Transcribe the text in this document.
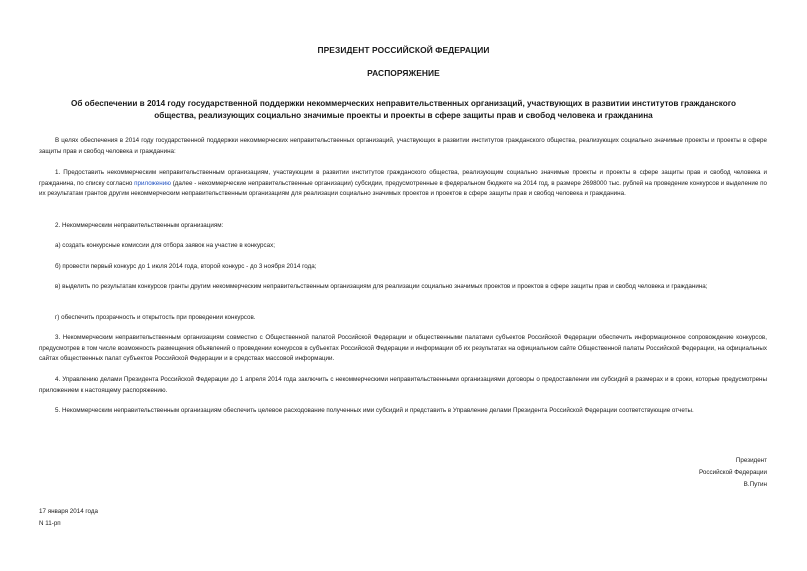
ПРЕЗИДЕНТ РОССИЙСКОЙ ФЕДЕРАЦИИ
РАСПОРЯЖЕНИЕ
Об обеспечении в 2014 году государственной поддержки некоммерческих неправительственных организаций, участвующих в развитии институтов гражданского
общества, реализующих социально значимые проекты и проекты в сфере защиты прав и свобод человека и гражданина
В целях обеспечения в 2014 году государственной поддержки некоммерческих неправительственных организаций, участвующих в развитии институтов гражданского общества, реализующих социально значимые проекты и проекты в сфере защиты прав и свобод человека и гражданина:
1. Предоставить некоммерческим неправительственным организациям, участвующим в развитии институтов гражданского общества, реализующим социально значимые проекты и проекты в сфере защиты прав и свобод человека и гражданина, по списку согласно приложению (далее - некоммерческие неправительственные организации) субсидии, предусмотренные в федеральном бюджете на 2014 год, в размере 2698000 тыс. рублей на проведение конкурсов и выделение по их результатам грантов другим некоммерческим неправительственным организациям для реализации социально значимых проектов и проектов в сфере защиты прав и свобод человека и гражданина.
2. Некоммерческим неправительственным организациям:
а) создать конкурсные комиссии для отбора заявок на участие в конкурсах;
б) провести первый конкурс до 1 июля 2014 года, второй конкурс - до 3 ноября 2014 года;
в) выделить по результатам конкурсов гранты другим некоммерческим неправительственным организациям для реализации социально значимых проектов и проектов в сфере защиты прав и свобод человека и гражданина;
г) обеспечить прозрачность и открытость при проведении конкурсов.
3. Некоммерческим неправительственным организациям совместно с Общественной палатой Российской Федерации и общественными палатами субъектов Российской Федерации обеспечить информационное сопровождение конкурсов, предусмотрев в том числе возможность размещения объявлений о проведении конкурсов в субъектах Российской Федерации и информации об их результатах на официальном сайте Общественной палаты Российской Федерации, на официальных сайтах общественных палат субъектов Российской Федерации и в средствах массовой информации.
4. Управлению делами Президента Российской Федерации до 1 апреля 2014 года заключить с некоммерческими неправительственными организациями договоры о предоставлении им субсидий в размерах и в сроки, которые предусмотрены приложением к настоящему распоряжению.
5. Некоммерческим неправительственным организациям обеспечить целевое расходование полученных ими субсидий и представить в Управление делами Президента Российской Федерации соответствующие отчеты.
Президент
Российской Федерации
В.Путин
17 января 2014 года
N 11-рп
